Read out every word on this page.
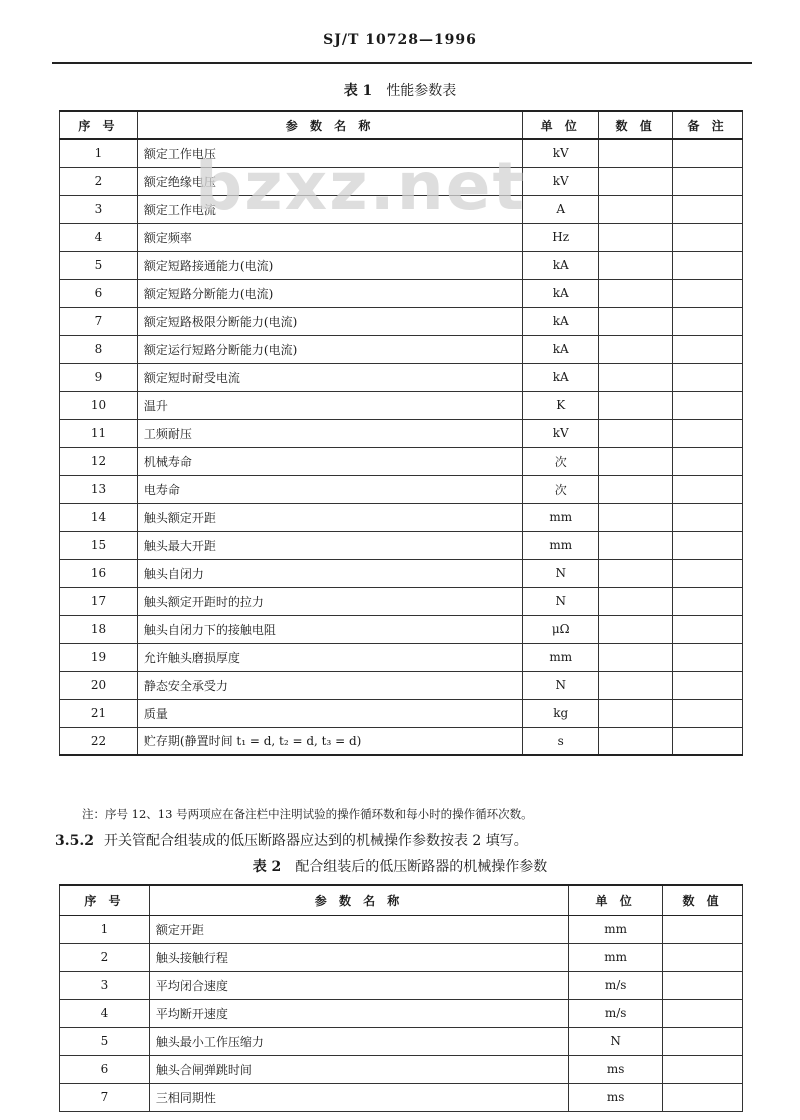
SJ/T 10728—1996
表 1 性能参数表
序 号	参 数 名 称	单 位	数 值	备 注
1	额定工作电压	kV		
2	额定绝缘电压	kV		
3	额定工作电流	A		
4	额定频率	Hz		
5	额定短路接通能力(电流)	kA		
6	额定短路分断能力(电流)	kA		
7	额定短路极限分断能力(电流)	kA		
8	额定运行短路分断能力(电流)	kA		
9	额定短时耐受电流	kA		
10	温升	K		
11	工频耐压	kV		
12	机械寿命	次		
13	电寿命	次		
14	触头额定开距	mm		
15	触头最大开距	mm		
16	触头自闭力	N		
17	触头额定开距时的拉力	N		
18	触头自闭力下的接触电阻	μΩ		
19	允许触头磨损厚度	mm		
20	静态安全承受力	N		
21	质量	kg		
22	贮存期(静置时间 t₁ = d, t₂ = d, t₃ = d)	s		
注：序号 12、13 号两项应在备注栏中注明试验的操作循环数和每小时的操作循环次数。
3.5.2 开关管配合组装成的低压断路器应达到的机械操作参数按表 2 填写。
表 2 配合组装后的低压断路器的机械操作参数
序 号	参 数 名 称	单 位	数 值
1	额定开距	mm	
2	触头接触行程	mm	
3	平均闭合速度	m/s	
4	平均断开速度	m/s	
5	触头最小工作压缩力	N	
6	触头合闸弹跳时间	ms	
7	三相同期性	ms	
bzxz.net
